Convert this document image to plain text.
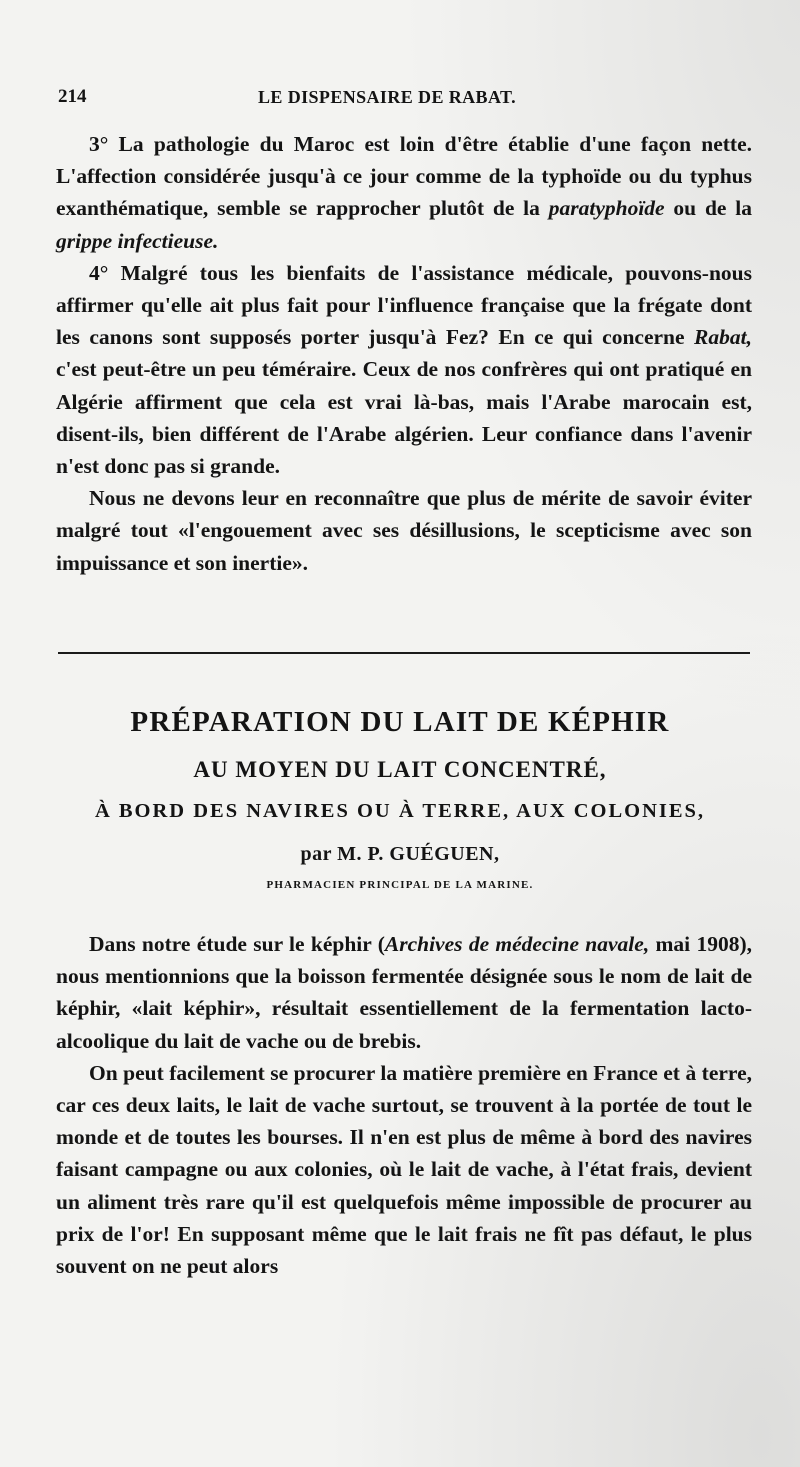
214	LE DISPENSAIRE DE RABAT.

3° La pathologie du Maroc est loin d'être établie d'une façon nette. L'affection considérée jusqu'à ce jour comme de la typhoïde ou du typhus exanthématique, semble se rapprocher plutôt de la paratyphoïde ou de la grippe infectieuse.

4° Malgré tous les bienfaits de l'assistance médicale, pouvons-nous affirmer qu'elle ait plus fait pour l'influence française que la frégate dont les canons sont supposés porter jusqu'à Fez? En ce qui concerne Rabat, c'est peut-être un peu téméraire. Ceux de nos confrères qui ont pratiqué en Algérie affirment que cela est vrai là-bas, mais l'Arabe marocain est, disent-ils, bien différent de l'Arabe algérien. Leur confiance dans l'avenir n'est donc pas si grande.

Nous ne devons leur en reconnaître que plus de mérite de savoir éviter malgré tout «l'engouement avec ses désillusions, le scepticisme avec son impuissance et son inertie».

PRÉPARATION DU LAIT DE KÉPHIR
AU MOYEN DU LAIT CONCENTRÉ,
À BORD DES NAVIRES OU À TERRE, AUX COLONIES,
par M. P. GUÉGUEN,
PHARMACIEN PRINCIPAL DE LA MARINE.

Dans notre étude sur le képhir (Archives de médecine navale, mai 1908), nous mentionnions que la boisson fermentée désignée sous le nom de lait de képhir, «lait képhir», résultait essentiellement de la fermentation lacto-alcoolique du lait de vache ou de brebis.

On peut facilement se procurer la matière première en France et à terre, car ces deux laits, le lait de vache surtout, se trouvent à la portée de tout le monde et de toutes les bourses. Il n'en est plus de même à bord des navires faisant campagne ou aux colonies, où le lait de vache, à l'état frais, devient un aliment très rare qu'il est quelquefois même impossible de procurer au prix de l'or! En supposant même que le lait frais ne fît pas défaut, le plus souvent on ne peut alors
